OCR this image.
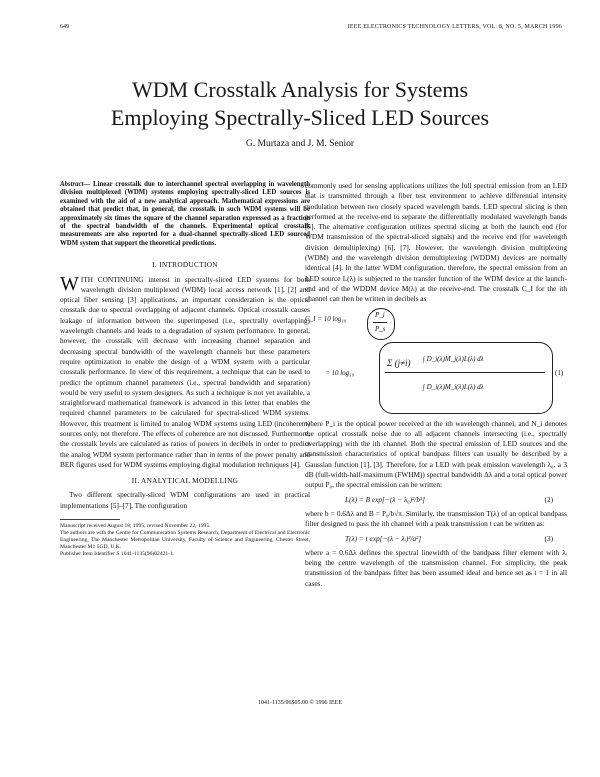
649	IEEE ELECTRONICS TECHNOLOGY LETTERS, VOL. 8, NO. 5, MARCH 1996
WDM Crosstalk Analysis for Systems
Employing Spectrally-Sliced LED Sources
G. Murtaza and J. M. Senior
Abstract— Linear crosstalk due to interchannel spectral overlapping in wavelength division multiplexed (WDM) systems employing spectrally-sliced LED sources is examined with the aid of a new analytical approach. Mathematical expressions are obtained that predict that, in general, the crosstalk in such WDM systems will be approximately six times the square of the channel separation expressed as a fraction of the spectral bandwidth of the channels. Experimental optical crosstalk measurements are also reported for a dual-channel spectrally-sliced LED sourced WDM system that support the theoretical predictions.
I. INTRODUCTION

W ITH CONTINUING interest in spectrally-sliced LED systems for both wavelength division multiplexed (WDM) local access network [1], [2] and optical fiber sensing [3] applications, an important consideration is the optical crosstalk due to spectral overlapping of adjacent channels. Optical crosstalk causes leakage of information between the superimposed (i.e., spectrally overlapping) wavelength channels and leads to a degradation of system performance. In general, however, the crosstalk will decrease with increasing channel separation and decreasing spectral bandwidth of the wavelength channels but these parameters require optimization to enable the design of a WDM system with a particular crosstalk performance. In view of this requirement, a technique that can be used to predict the optimum channel parameters (i.e., spectral bandwidth and separation) would be very useful to system designers. As such a technique is not yet available, a straightforward mathematical framework is advanced in this letter that enables the required channel parameters to be calculated for spectral-sliced WDM systems. However, this treatment is limited to analog WDM systems using LED (incoherent) sources only, not therefore. The effects of coherence are not discussed. Furthermore, the crosstalk levels are calculated as ratios of powers in decibels in order to predict the analog WDM system performance rather than in terms of the power penalty and BER figures used for WDM systems employing digital modulation techniques [4].

II. ANALYTICAL MODELLING

Two different spectrally-sliced WDM configurations are used in practical implementations [5]–[7]. The configuration

Manuscript received August 18, 1995; revised November 22, 1995.

The authors are with the Centre for Communication Systems Research, Department of Electrical and Electronic Engineering, The Manchester Metropolitan University, Faculty of Science and Engineering, Chester Street, Manchester M1 5GD, U.K.

Publisher Item Identifier S 1041-1135(96)02421-1.

commonly used for sensing applications utilizes the full spectral emission from an LED that is transmitted through a fiber test environment to achieve differential intensity modulation between two closely spaced wavelength bands. LED spectral slicing is then performed at the receive-end to separate the differentially modulated wavelength bands [5]. The alternative configuration utilizes spectral slicing at both the launch end (for WDM transmission of the spectral-sliced signals) and the receive end (for wavelength division demultiplexing) [6], [7]. However, the wavelength division multiplexing (WDM) and the wavelength division demultiplexing (WDDM) devices are normally identical [4]. In the latter WDM configuration, therefore, the spectral emission from an LED source L(λ) is subjected to the transfer function of the WDM device at the launch-end and of the WDDM device M(λ) at the receive-end. The crosstalk C_I for the ith channel can then be written in decibels as

C_I = 10 log₁₀	P_i
P_s
= 10 log₁₀
Σ (j≠i) ∫ D_i(λ)M_j(λ)L(λ) dλ
∫ D_i(λ)M_i(λ)L(λ) dλ
(1)

where P_i is the optical power received at the ith wavelength channel, and N_i denotes the optical crosstalk noise due to all adjacent channels intersecting (i.e., spectrally overlapping) with the ith channel. Both the spectral emission of LED sources and the transmission characteristics of optical bandpass filters can usually be described by a Gaussian function [1], [3]. Therefore, for a LED with peak emission wavelength λ₀, a 3 dB (full-width-half-maximum (FWHM)) spectral bandwidth Δλ and a total optical power output P₀, the spectral emission can be written:

L(λ) = B exp[−(λ − λ₀)²/b²]	(2)

where b = 0.6Δλ and B = P₀/b√π. Similarly, the transmission T(λ) of an optical bandpass filter designed to pass the ith channel with a peak transmission t can be written as:

T(λ) = t exp[−(λ − λᵢ)²/a²]	(3)

where a = 0.6Δλ defines the spectral linewidth of the bandpass filter element with λᵢ being the centre wavelength of the transmission channel. For simplicity, the peak transmission of the bandpass filter has been assumed ideal and hence set as t = 1 in all cases.

1041-1135/96$05.00 © 1996 IEEE
